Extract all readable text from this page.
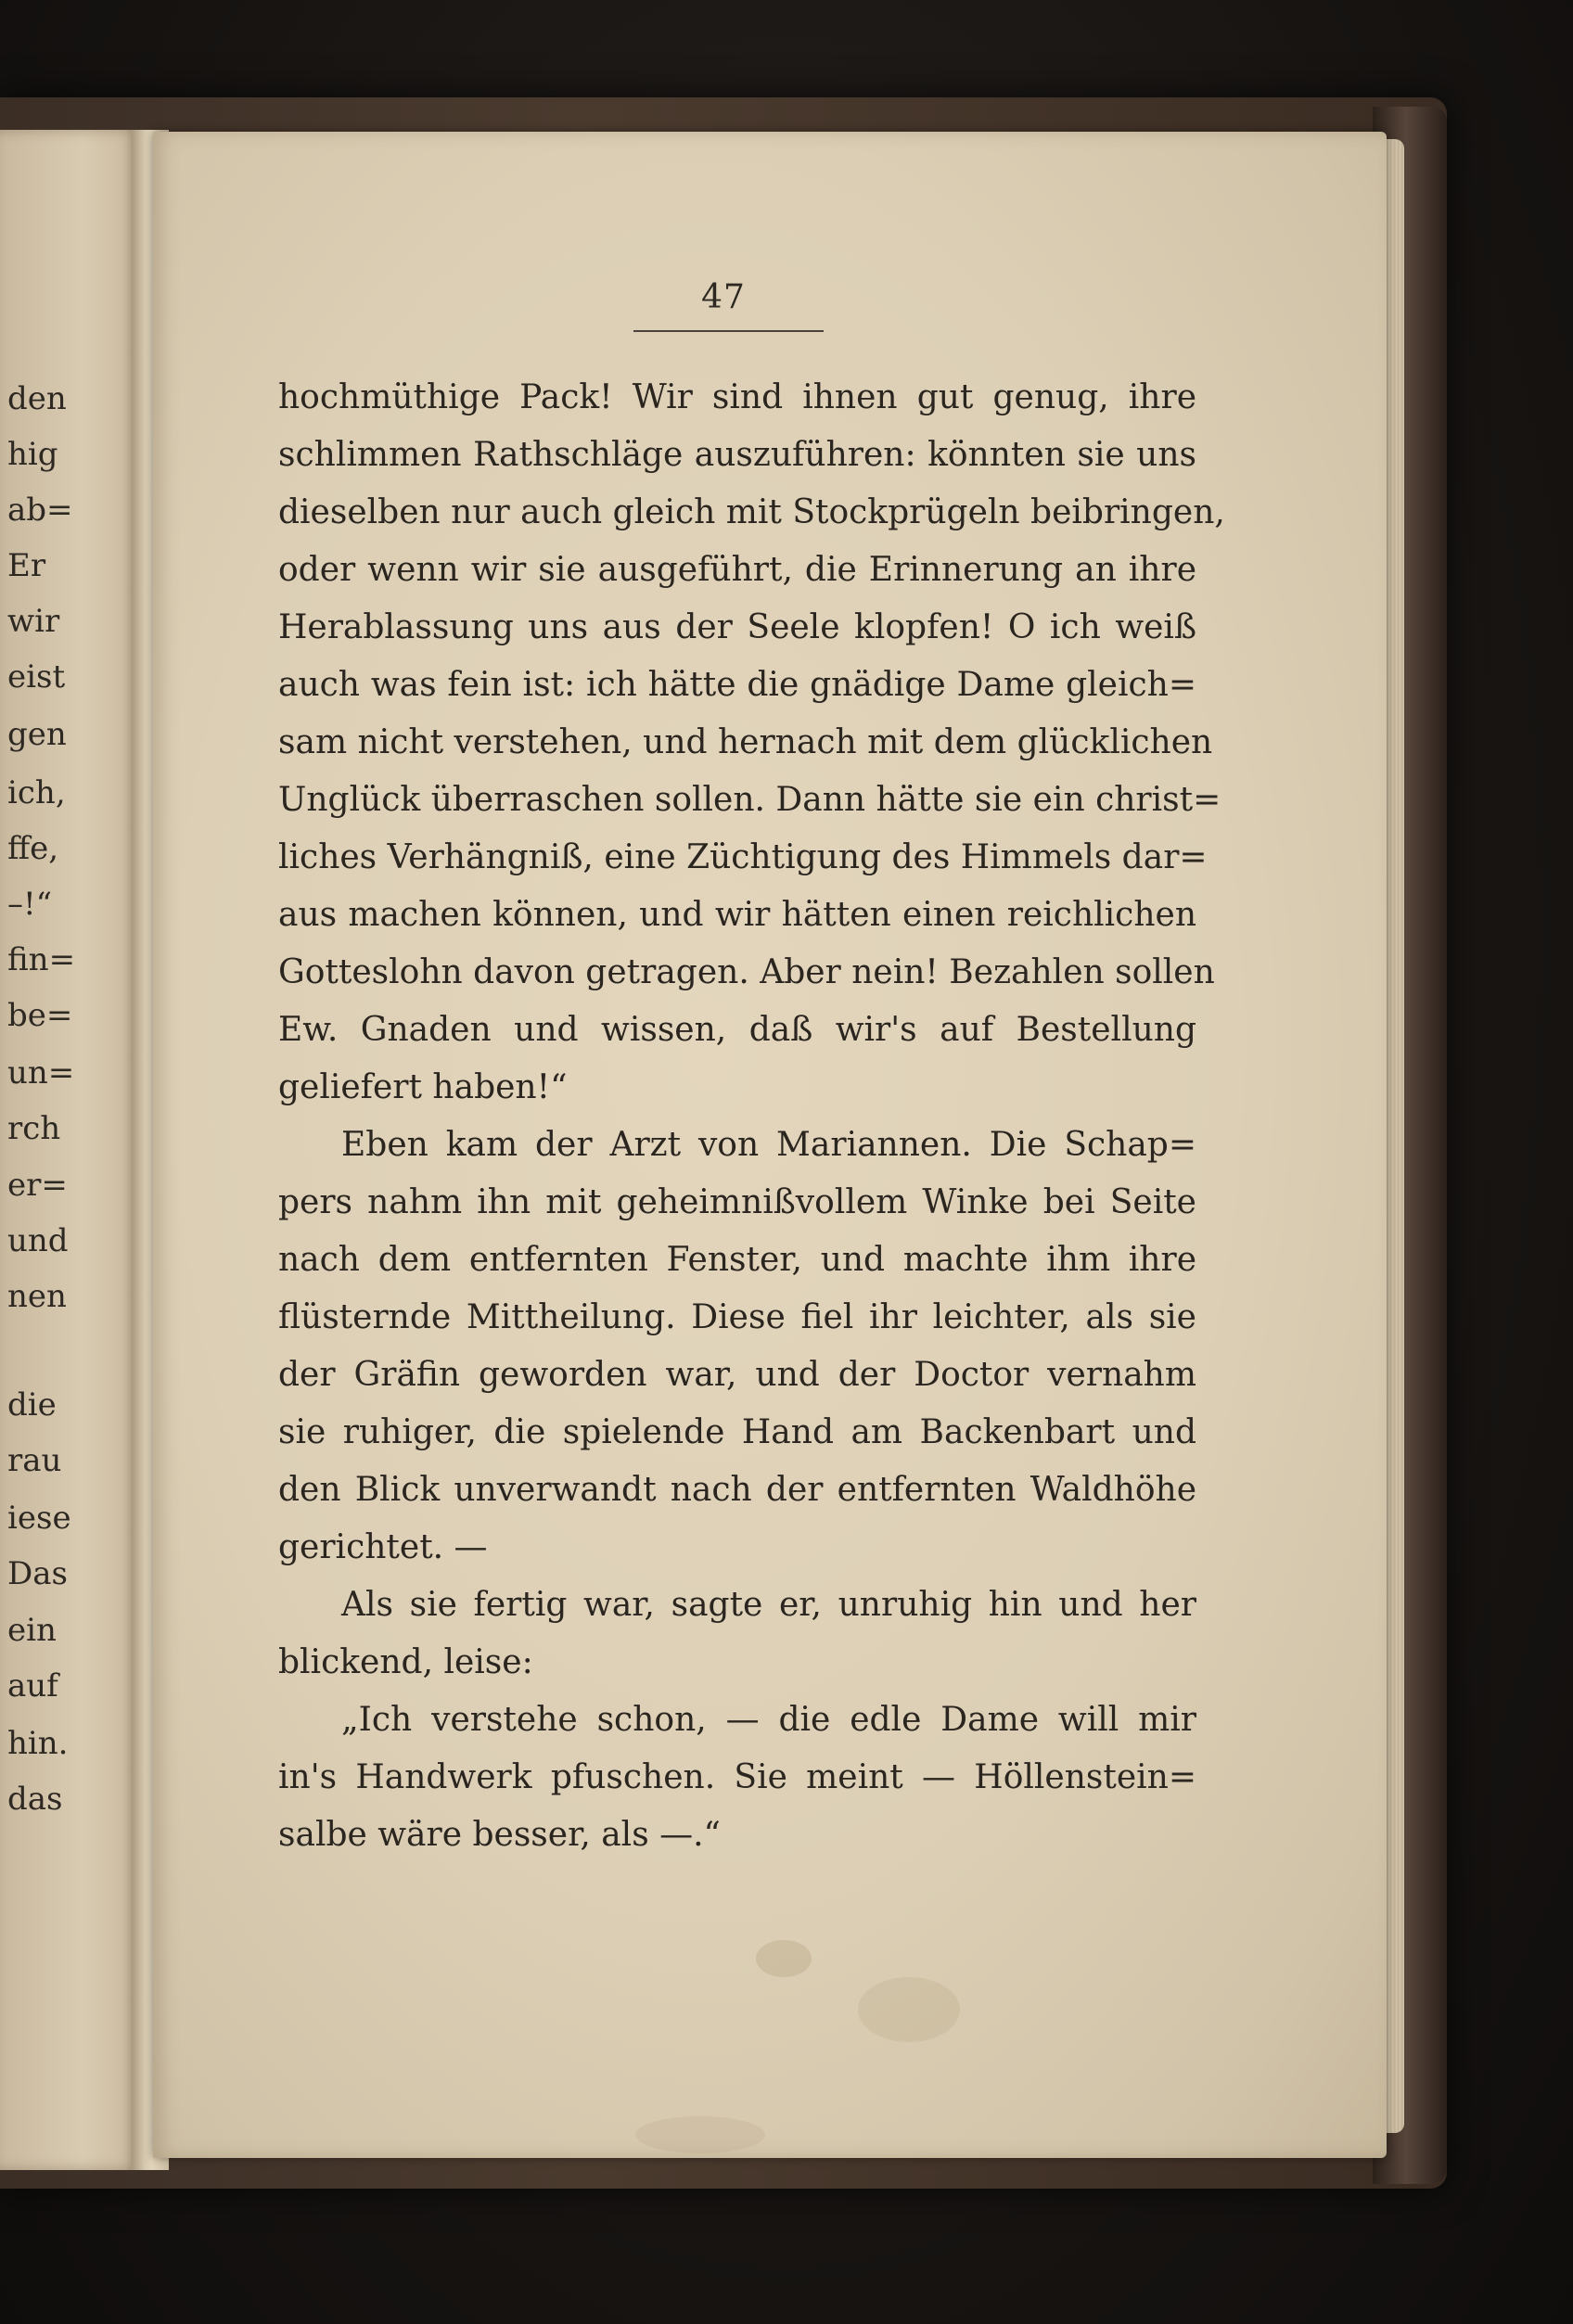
47
hochmüthige Pack! Wir sind ihnen gut genug, ihre
schlimmen Rathschläge auszuführen: könnten sie uns
dieselben nur auch gleich mit Stockprügeln beibringen,
oder wenn wir sie ausgeführt, die Erinnerung an ihre
Herablassung uns aus der Seele klopfen! O ich weiß
auch was fein ist: ich hätte die gnädige Dame gleich=
sam nicht verstehen, und hernach mit dem glücklichen
Unglück überraschen sollen. Dann hätte sie ein christ=
liches Verhängniß, eine Züchtigung des Himmels dar=
aus machen können, und wir hätten einen reichlichen
Gotteslohn davon getragen. Aber nein! Bezahlen sollen
Ew. Gnaden und wissen, daß wir's auf Bestellung
geliefert haben!“
Eben kam der Arzt von Mariannen. Die Schap=
pers nahm ihn mit geheimnißvollem Winke bei Seite
nach dem entfernten Fenster, und machte ihm ihre
flüsternde Mittheilung. Diese fiel ihr leichter, als sie
der Gräfin geworden war, und der Doctor vernahm
sie ruhiger, die spielende Hand am Backenbart und
den Blick unverwandt nach der entfernten Waldhöhe
gerichtet. —
Als sie fertig war, sagte er, unruhig hin und her
blickend, leise:
„Ich verstehe schon, — die edle Dame will mir
in's Handwerk pfuschen. Sie meint — Höllenstein=
salbe wäre besser, als —.“
den
hig
ab=
Er
wir
eist
gen
ich,
ffe,
–!“
fin=
be=
un=
rch
er=
und
nen
die
rau
iese
Das
ein
auf
hin.
das
